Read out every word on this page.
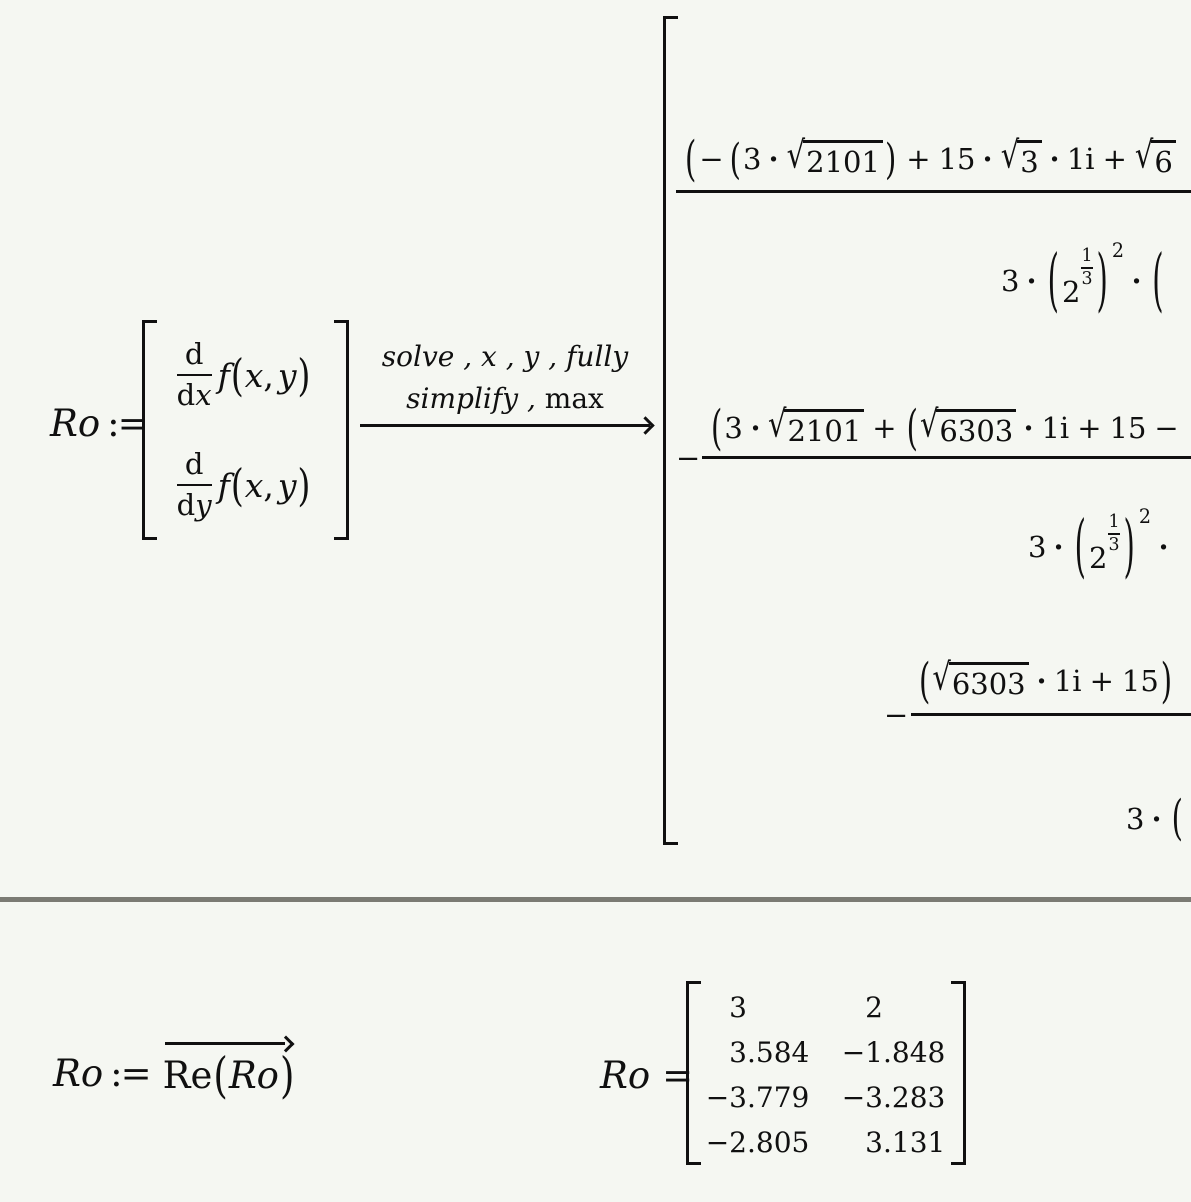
Ro :=
d
d x
f ( x , y )
d
d y
f ( x , y )
solve , x , y , fully
simplify , max
( − ( 3 · √ 2101 ) + 15 · √ 3 · 1i + √ 6
3 · ( 2
1
3 ) 2
· (
−
( 3 · √ 2101 + ( √ 6303 · 1i + 15 −
3 · ( 2
1
3 ) 2
·
−
( √ 6303 · 1i + 15 )
3 · (
Ro := Re ( Ro )	Ro =
3	2
3 .584	−1 .848
−3 .779	−3 .283
−2 .805	3 .131
